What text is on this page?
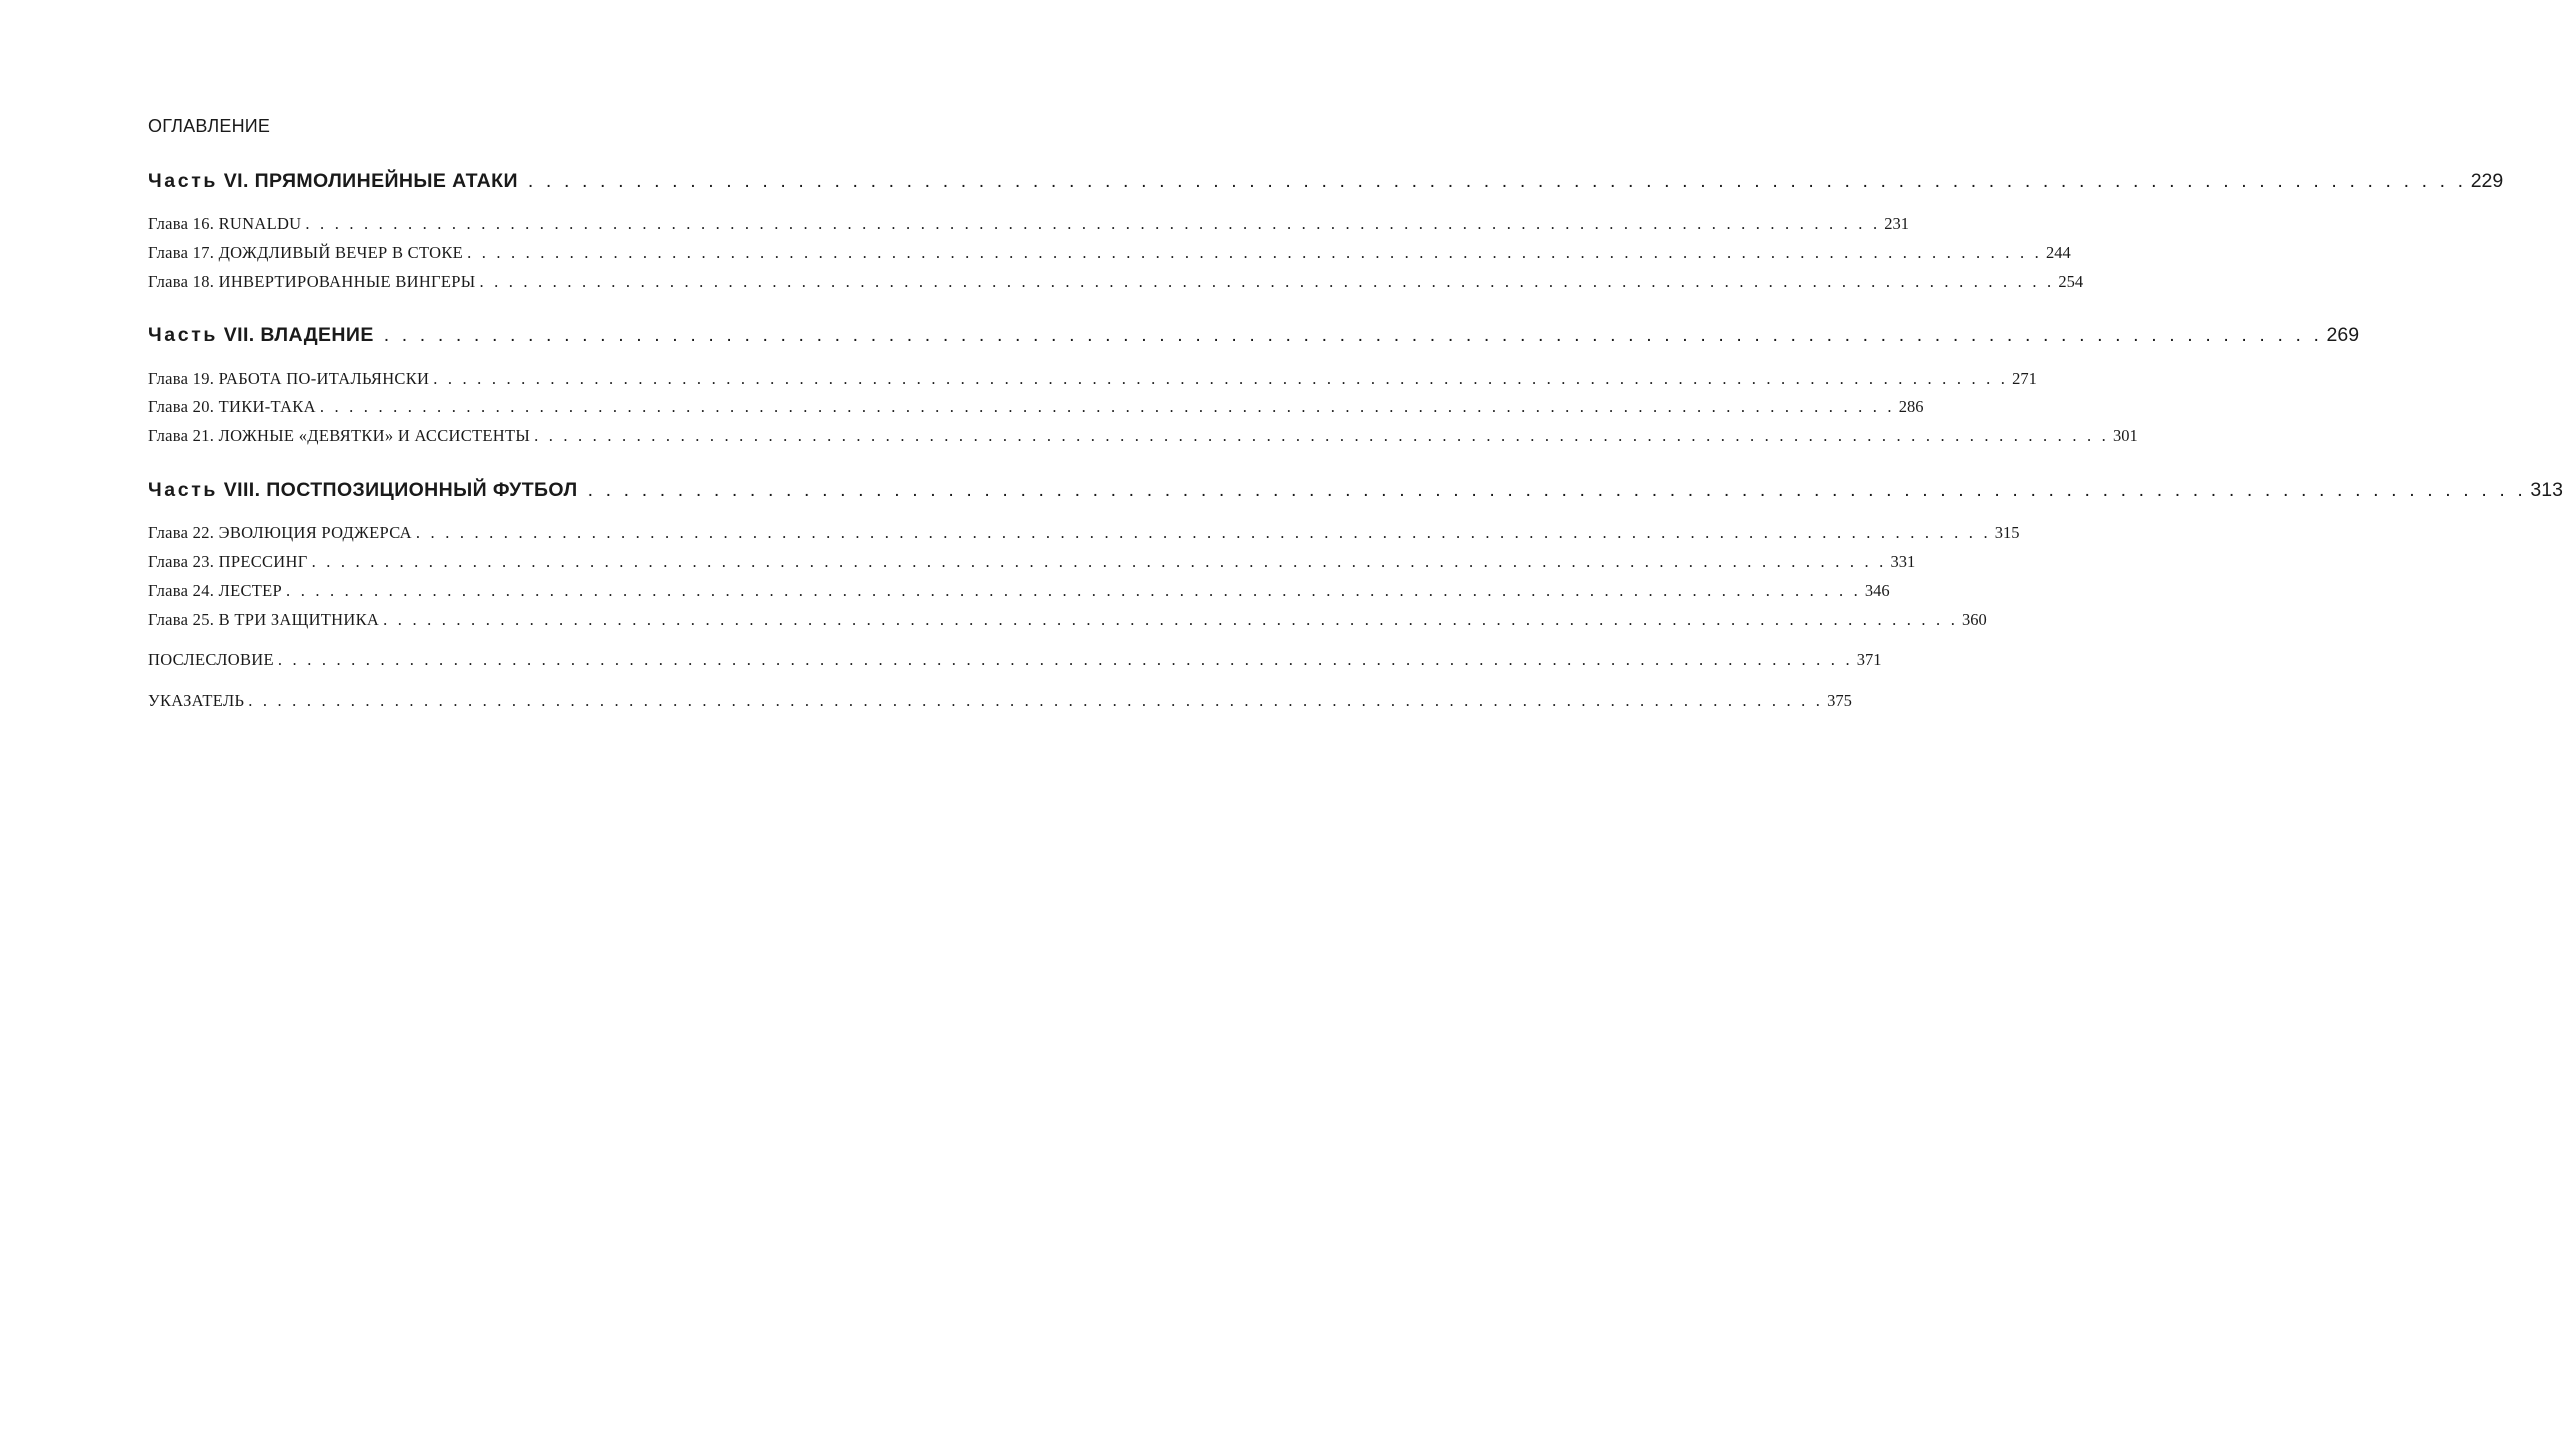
ОГЛАВЛЕНИЕ
Часть VI. ПРЯМОЛИНЕЙНЫЕ АТАКИ . . . . . . . . . . . . . . . . . . . . . . . . . . . . . . . . . . . . . . . . . . . . . . . . . . . . . . . . . . . . . . . . . . . . . . . . . . . . . . . . . . . . . . . . . . . . . . . . . . . . . . . . . . . . 229
Глава 16. RUNALDU . . . . . . . . . . . . . . . . . . . . . . . . . . . . . . . . . . . . . . . . . . . . . . . . . . . . . . . . . . . . . . . . . . . . . . . . . . . . . . . . . . . . . . . . . . . . . . . . . . . . . . . . . . . . 231
Глава 17. ДОЖДЛИВЫЙ ВЕЧЕР В СТОКЕ . . . . . . . . . . . . . . . . . . . . . . . . . . . . . . . . . . . . . . . . . . . . . . . . . . . . . . . . . . . . . . . . . . . . . . . . . . . . . . . . . . . . . . . . . . . . . . . . . . . . . . . . . . . . 244
Глава 18. ИНВЕРТИРОВАННЫЕ ВИНГЕРЫ . . . . . . . . . . . . . . . . . . . . . . . . . . . . . . . . . . . . . . . . . . . . . . . . . . . . . . . . . . . . . . . . . . . . . . . . . . . . . . . . . . . . . . . . . . . . . . . . . . . . . . . . . . . . 254
Часть VII. ВЛАДЕНИЕ . . . . . . . . . . . . . . . . . . . . . . . . . . . . . . . . . . . . . . . . . . . . . . . . . . . . . . . . . . . . . . . . . . . . . . . . . . . . . . . . . . . . . . . . . . . . . . . . . . . . . . . . . . . . 269
Глава 19. РАБОТА ПО-ИТАЛЬЯНСКИ . . . . . . . . . . . . . . . . . . . . . . . . . . . . . . . . . . . . . . . . . . . . . . . . . . . . . . . . . . . . . . . . . . . . . . . . . . . . . . . . . . . . . . . . . . . . . . . . . . . . . . . . . . . . 271
Глава 20. ТИКИ-ТАКА . . . . . . . . . . . . . . . . . . . . . . . . . . . . . . . . . . . . . . . . . . . . . . . . . . . . . . . . . . . . . . . . . . . . . . . . . . . . . . . . . . . . . . . . . . . . . . . . . . . . . . . . . . . . 286
Глава 21. ЛОЖНЫЕ «ДЕВЯТКИ» И АССИСТЕНТЫ . . . . . . . . . . . . . . . . . . . . . . . . . . . . . . . . . . . . . . . . . . . . . . . . . . . . . . . . . . . . . . . . . . . . . . . . . . . . . . . . . . . . . . . . . . . . . . . . . . . . . . . . . . . . 301
Часть VIII. ПОСТПОЗИЦИОННЫЙ ФУТБОЛ . . . . . . . . . . . . . . . . . . . . . . . . . . . . . . . . . . . . . . . . . . . . . . . . . . . . . . . . . . . . . . . . . . . . . . . . . . . . . . . . . . . . . . . . . . . . . . . . . . . . . . . . . . . . 313
Глава 22. ЭВОЛЮЦИЯ РОДЖЕРСА . . . . . . . . . . . . . . . . . . . . . . . . . . . . . . . . . . . . . . . . . . . . . . . . . . . . . . . . . . . . . . . . . . . . . . . . . . . . . . . . . . . . . . . . . . . . . . . . . . . . . . . . . . . . 315
Глава 23. ПРЕССИНГ . . . . . . . . . . . . . . . . . . . . . . . . . . . . . . . . . . . . . . . . . . . . . . . . . . . . . . . . . . . . . . . . . . . . . . . . . . . . . . . . . . . . . . . . . . . . . . . . . . . . . . . . . . . . 331
Глава 24. ЛЕСТЕР . . . . . . . . . . . . . . . . . . . . . . . . . . . . . . . . . . . . . . . . . . . . . . . . . . . . . . . . . . . . . . . . . . . . . . . . . . . . . . . . . . . . . . . . . . . . . . . . . . . . . . . . . . . . 346
Глава 25. В ТРИ ЗАЩИТНИКА . . . . . . . . . . . . . . . . . . . . . . . . . . . . . . . . . . . . . . . . . . . . . . . . . . . . . . . . . . . . . . . . . . . . . . . . . . . . . . . . . . . . . . . . . . . . . . . . . . . . . . . . . . . . 360
ПОСЛЕСЛОВИЕ . . . . . . . . . . . . . . . . . . . . . . . . . . . . . . . . . . . . . . . . . . . . . . . . . . . . . . . . . . . . . . . . . . . . . . . . . . . . . . . . . . . . . . . . . . . . . . . . . . . . . . . . . . . . 371
УКАЗАТЕЛЬ . . . . . . . . . . . . . . . . . . . . . . . . . . . . . . . . . . . . . . . . . . . . . . . . . . . . . . . . . . . . . . . . . . . . . . . . . . . . . . . . . . . . . . . . . . . . . . . . . . . . . . . . . . . . 375
